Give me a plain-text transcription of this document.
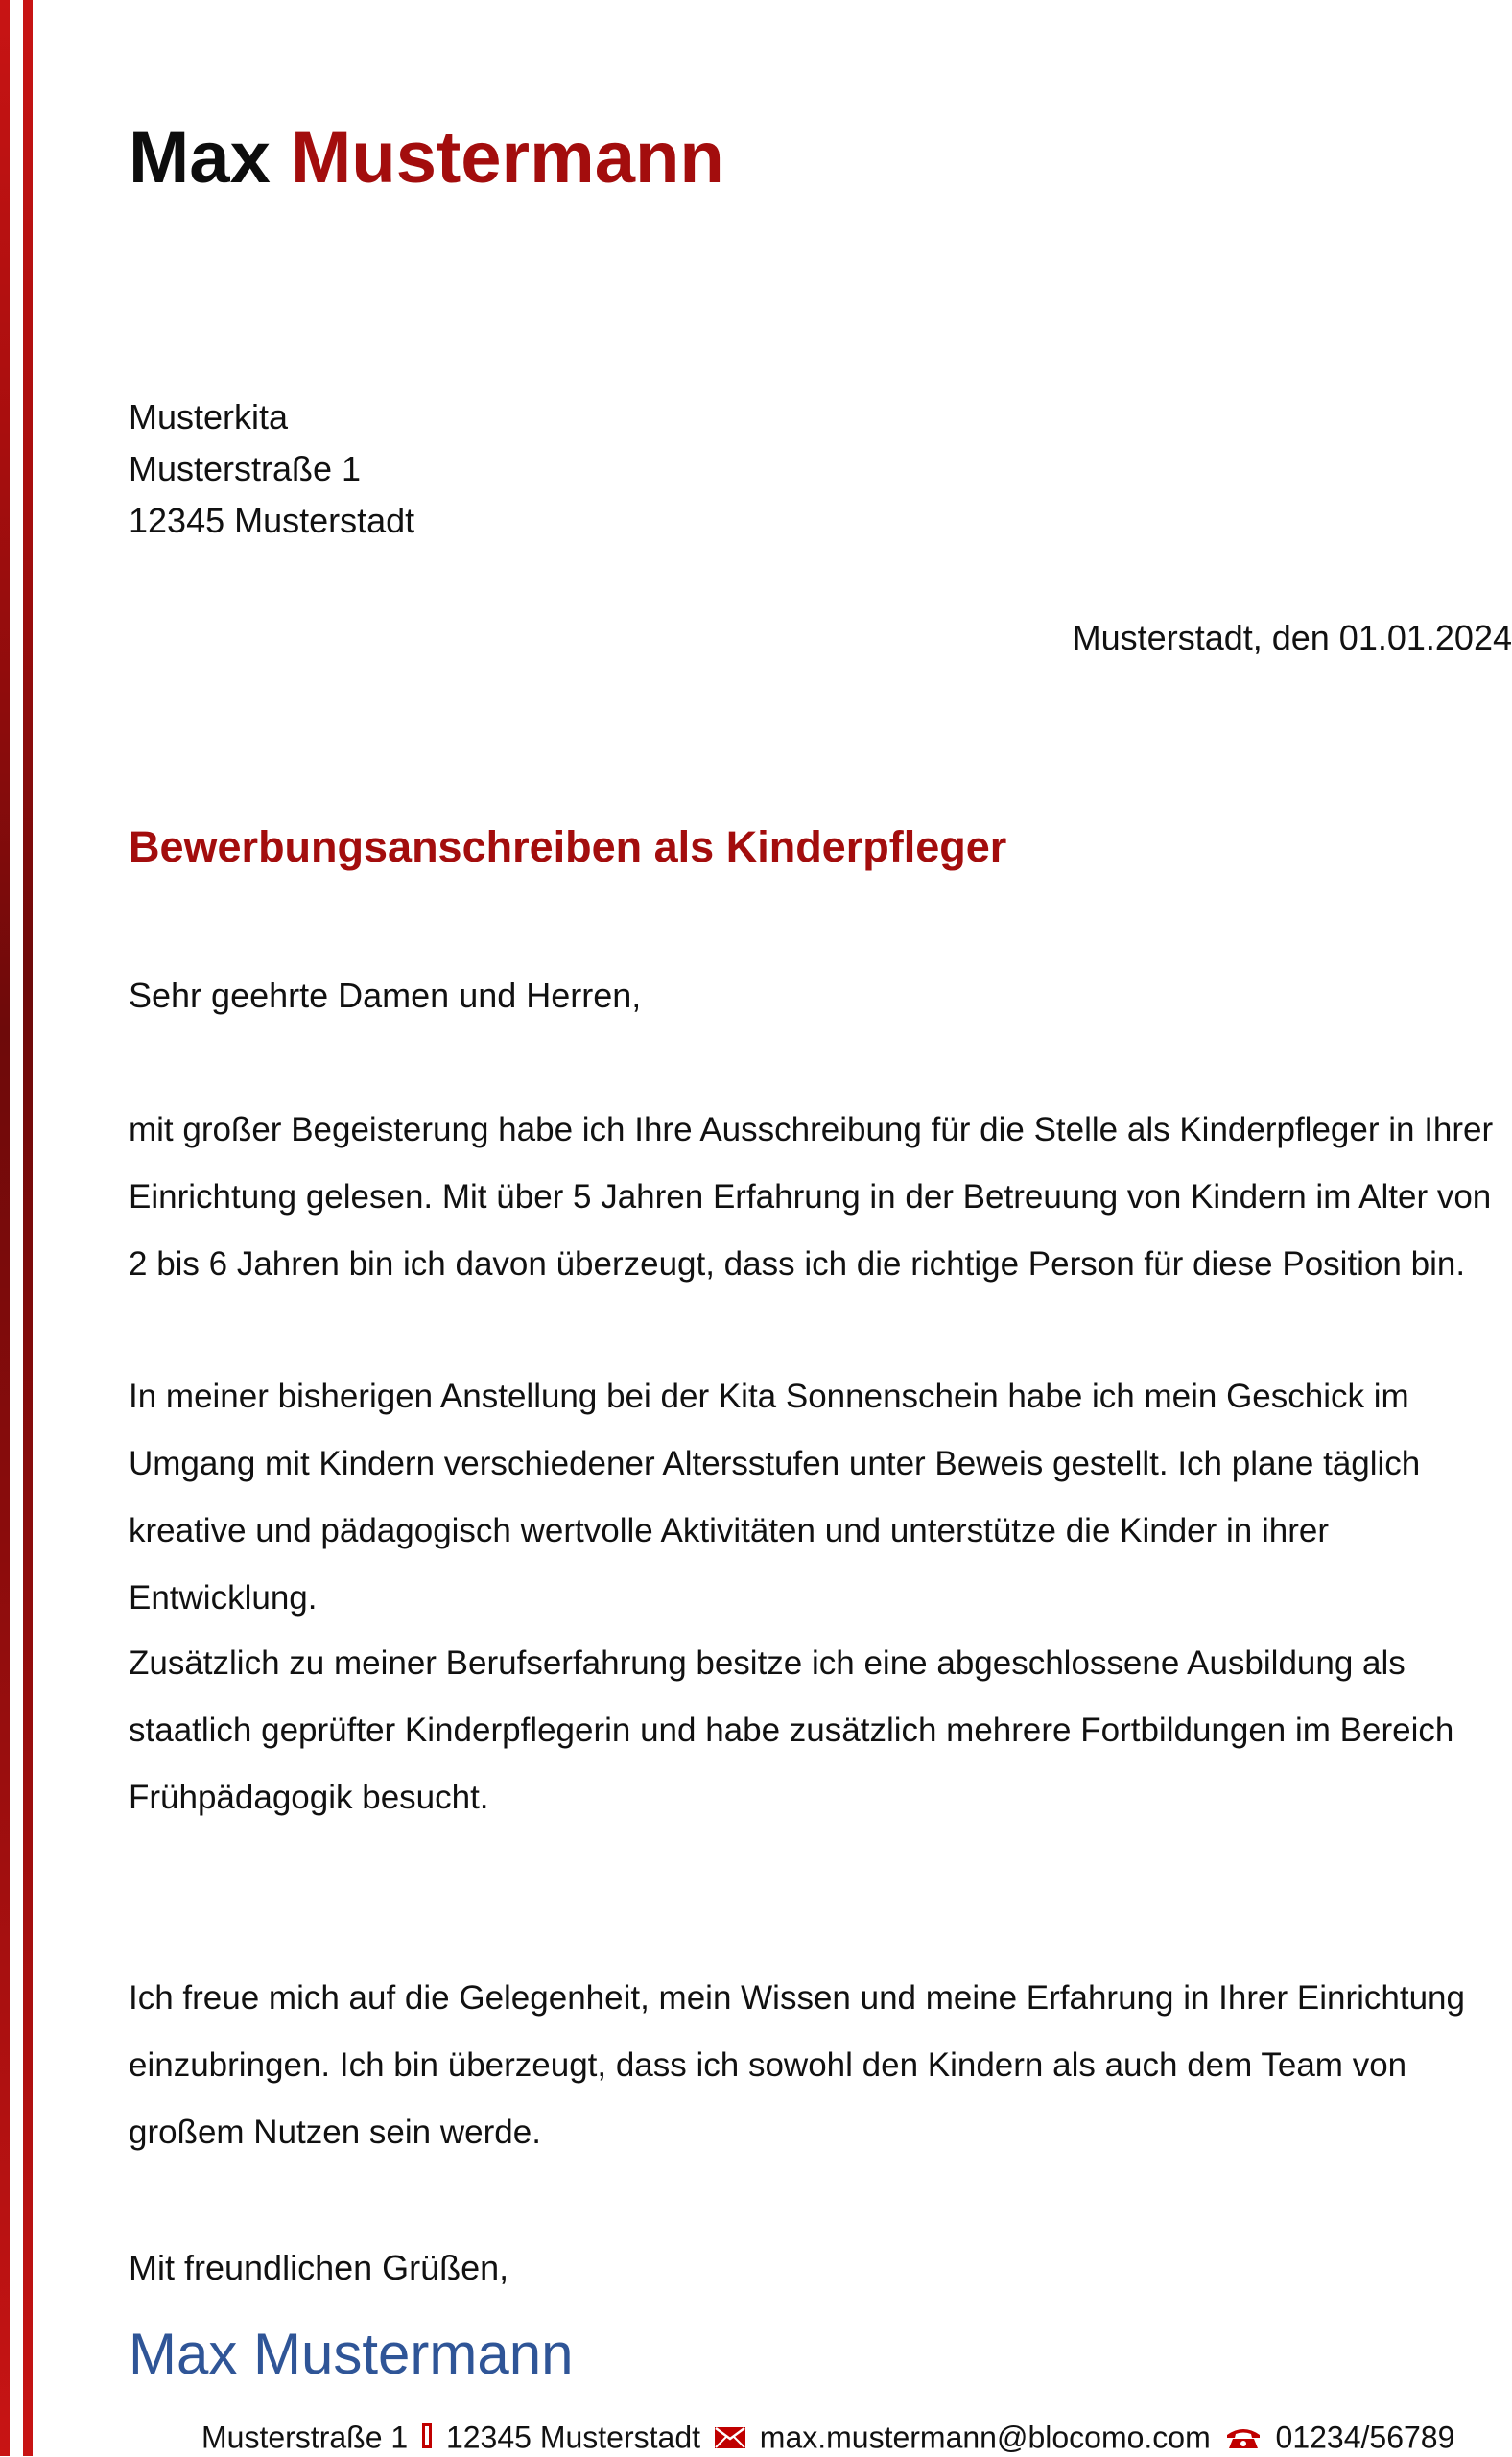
Max Mustermann
Musterkita
Musterstraße 1
12345 Musterstadt
Musterstadt, den 01.01.2024
Bewerbungsanschreiben als Kinderpfleger
Sehr geehrte Damen und Herren,
mit großer Begeisterung habe ich Ihre Ausschreibung für die Stelle als Kinderpfleger in Ihrer Einrichtung gelesen. Mit über 5 Jahren Erfahrung in der Betreuung von Kindern im Alter von 2 bis 6 Jahren bin ich davon überzeugt, dass ich die richtige Person für diese Position bin.
In meiner bisherigen Anstellung bei der Kita Sonnenschein habe ich mein Geschick im Umgang mit Kindern verschiedener Altersstufen unter Beweis gestellt. Ich plane täglich kreative und pädagogisch wertvolle Aktivitäten und unterstütze die Kinder in ihrer Entwicklung.
Zusätzlich zu meiner Berufserfahrung besitze ich eine abgeschlossene Ausbildung als staatlich geprüfter Kinderpflegerin und habe zusätzlich mehrere Fortbildungen im Bereich Frühpädagogik besucht.
Ich freue mich auf die Gelegenheit, mein Wissen und meine Erfahrung in Ihrer Einrichtung einzubringen. Ich bin überzeugt, dass ich sowohl den Kindern als auch dem Team von großem Nutzen sein werde.
Mit freundlichen Grüßen,
Max Mustermann
Musterstraße 1 12345 Musterstadt max.mustermann@blocomo.com 01234/56789
